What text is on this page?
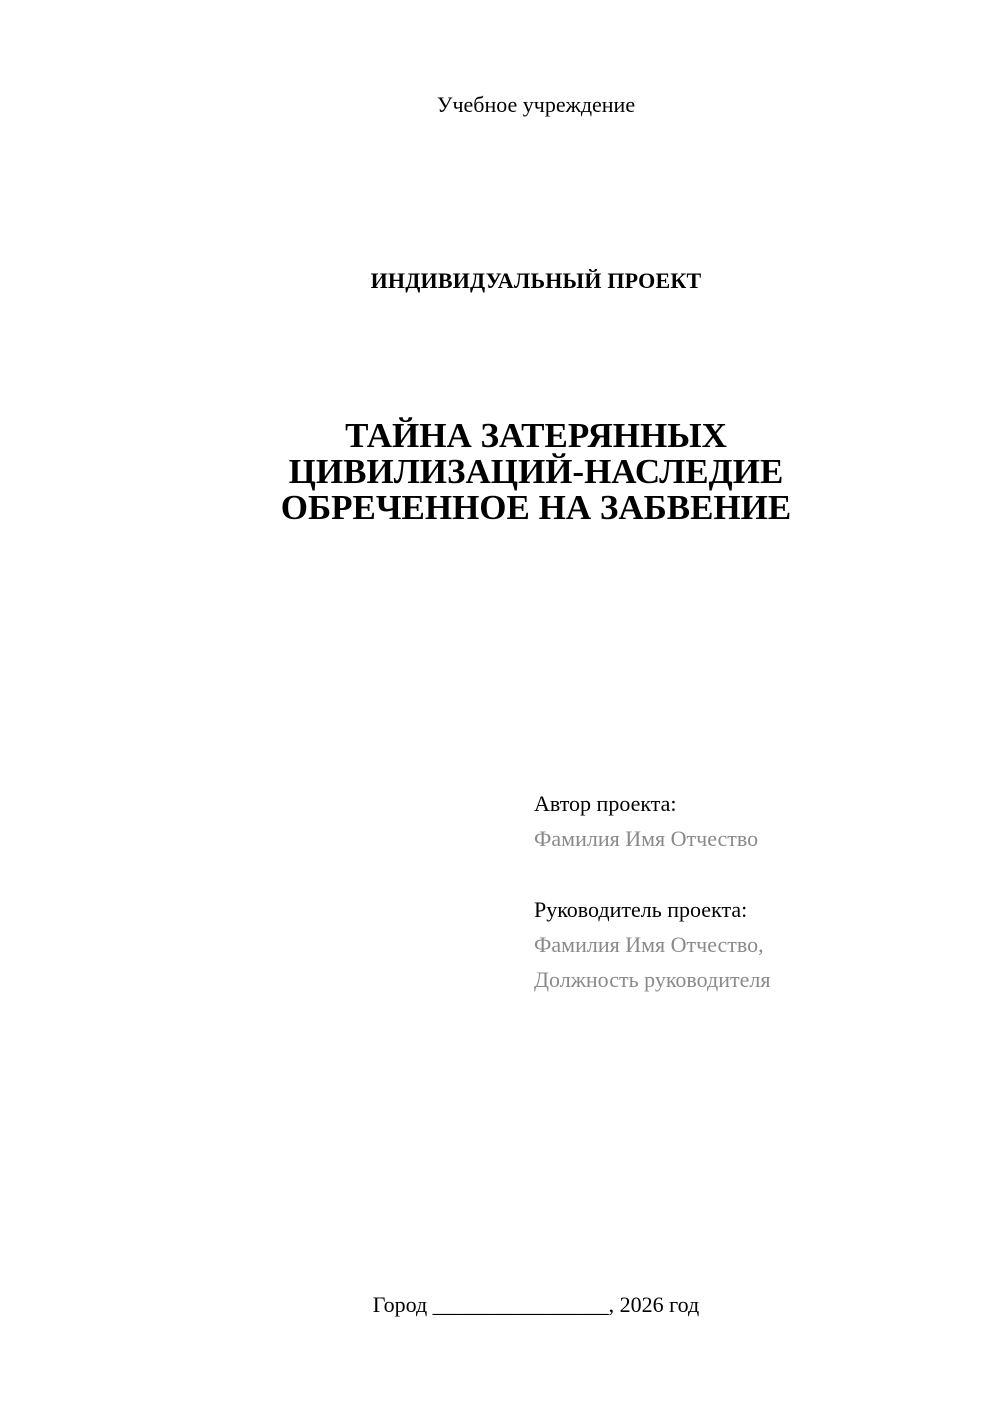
Учебное учреждение
ИНДИВИДУАЛЬНЫЙ ПРОЕКТ
ТАЙНА ЗАТЕРЯННЫХ
ЦИВИЛИЗАЦИЙ-НАСЛЕДИЕ
ОБРЕЧЕННОЕ НА ЗАБВЕНИЕ
Автор проекта:
Фамилия Имя Отчество
Руководитель проекта:
Фамилия Имя Отчество,
Должность руководителя
Город ________________, 2026 год
